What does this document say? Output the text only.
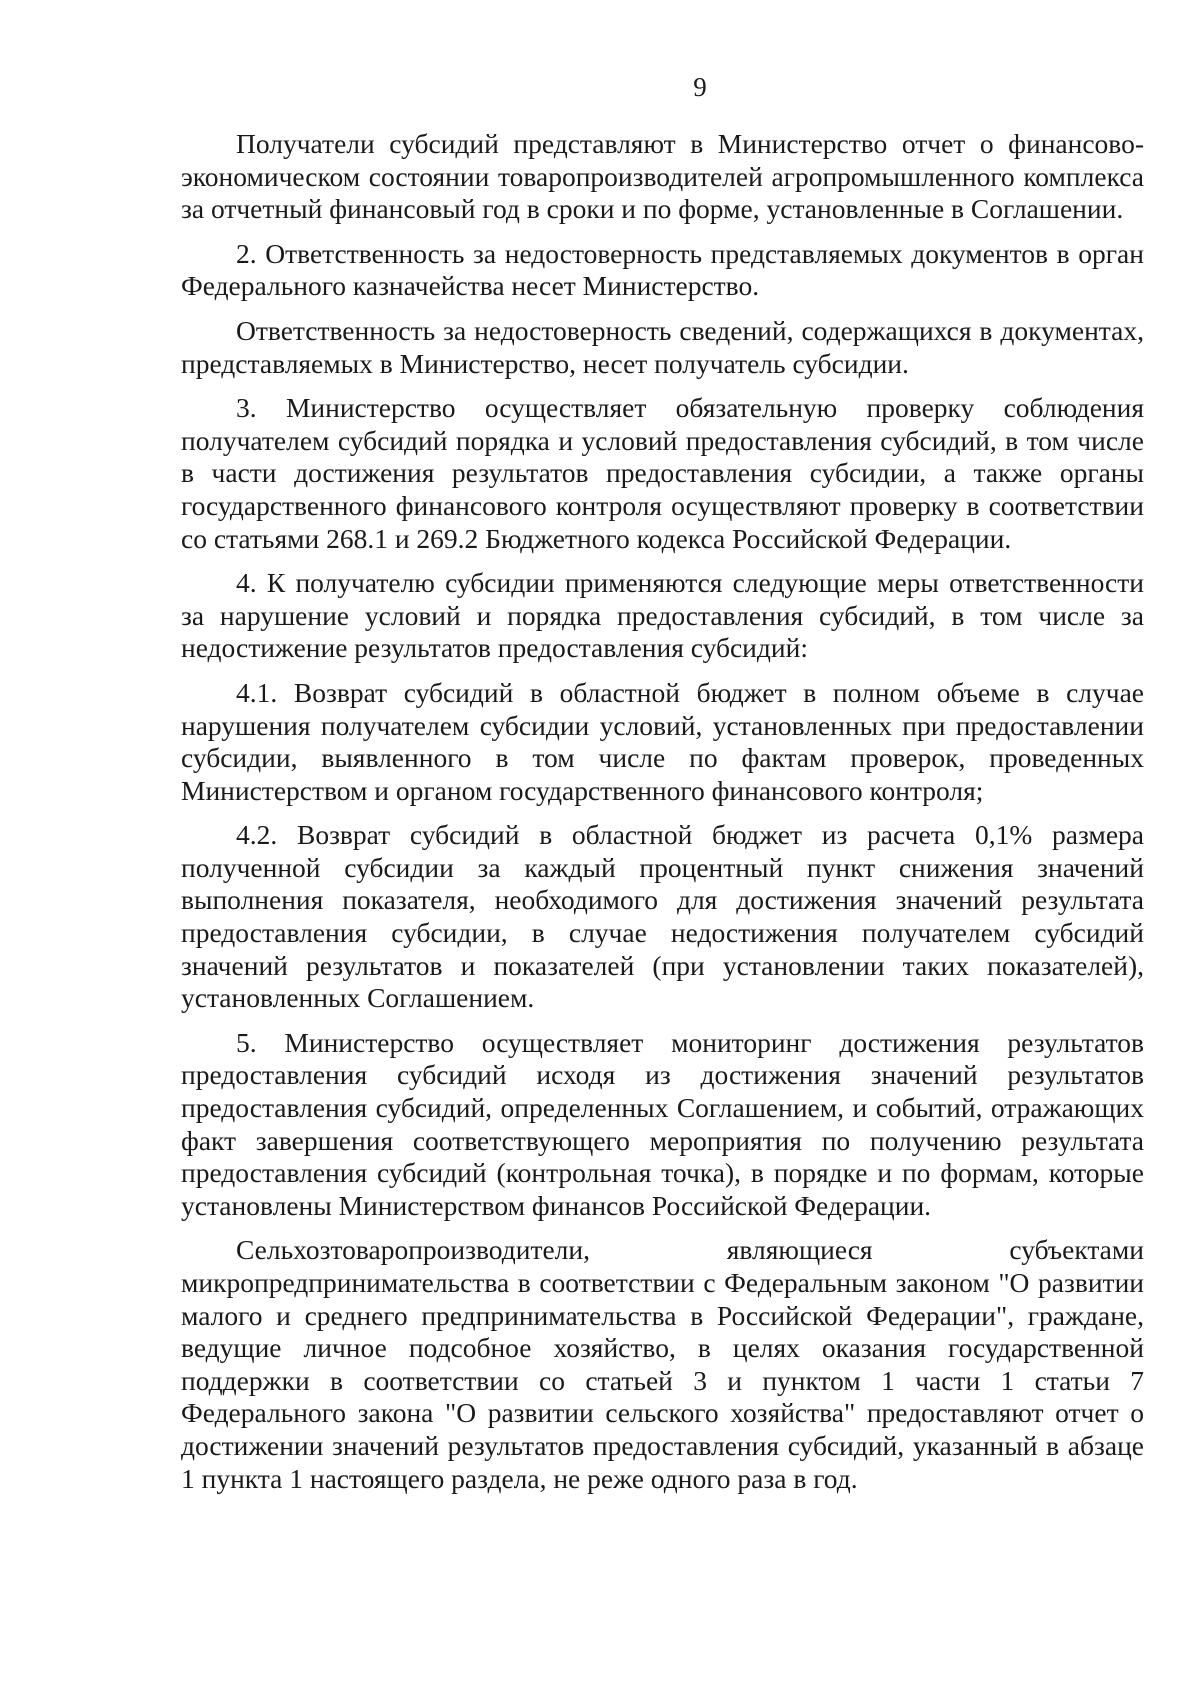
9

Получатели субсидий представляют в Министерство отчет о финансово-экономическом состоянии товаропроизводителей агропромышленного комплекса за отчетный финансовый год в сроки и по форме, установленные в Соглашении.

2. Ответственность за недостоверность представляемых документов в орган Федерального казначейства несет Министерство.

Ответственность за недостоверность сведений, содержащихся в документах, представляемых в Министерство, несет получатель субсидии.

3. Министерство осуществляет обязательную проверку соблюдения получателем субсидий порядка и условий предоставления субсидий, в том числе в части достижения результатов предоставления субсидии, а также органы государственного финансового контроля осуществляют проверку в соответствии со статьями 268.1 и 269.2 Бюджетного кодекса Российской Федерации.

4. К получателю субсидии применяются следующие меры ответственности за нарушение условий и порядка предоставления субсидий, в том числе за недостижение результатов предоставления субсидий:

4.1. Возврат субсидий в областной бюджет в полном объеме в случае нарушения получателем субсидии условий, установленных при предоставлении субсидии, выявленного в том числе по фактам проверок, проведенных Министерством и органом государственного финансового контроля;

4.2. Возврат субсидий в областной бюджет из расчета 0,1% размера полученной субсидии за каждый процентный пункт снижения значений выполнения показателя, необходимого для достижения значений результата предоставления субсидии, в случае недостижения получателем субсидий значений результатов и показателей (при установлении таких показателей), установленных Соглашением.

5. Министерство осуществляет мониторинг достижения результатов предоставления субсидий исходя из достижения значений результатов предоставления субсидий, определенных Соглашением, и событий, отражающих факт завершения соответствующего мероприятия по получению результата предоставления субсидий (контрольная точка), в порядке и по формам, которые установлены Министерством финансов Российской Федерации.

Сельхозтоваропроизводители, являющиеся субъектами микропредпринимательства в соответствии с Федеральным законом "О развитии малого и среднего предпринимательства в Российской Федерации", граждане, ведущие личное подсобное хозяйство, в целях оказания государственной поддержки в соответствии со статьей 3 и пунктом 1 части 1 статьи 7 Федерального закона "О развитии сельского хозяйства" предоставляют отчет о достижении значений результатов предоставления субсидий, указанный в абзаце 1 пункта 1 настоящего раздела, не реже одного раза в год.
